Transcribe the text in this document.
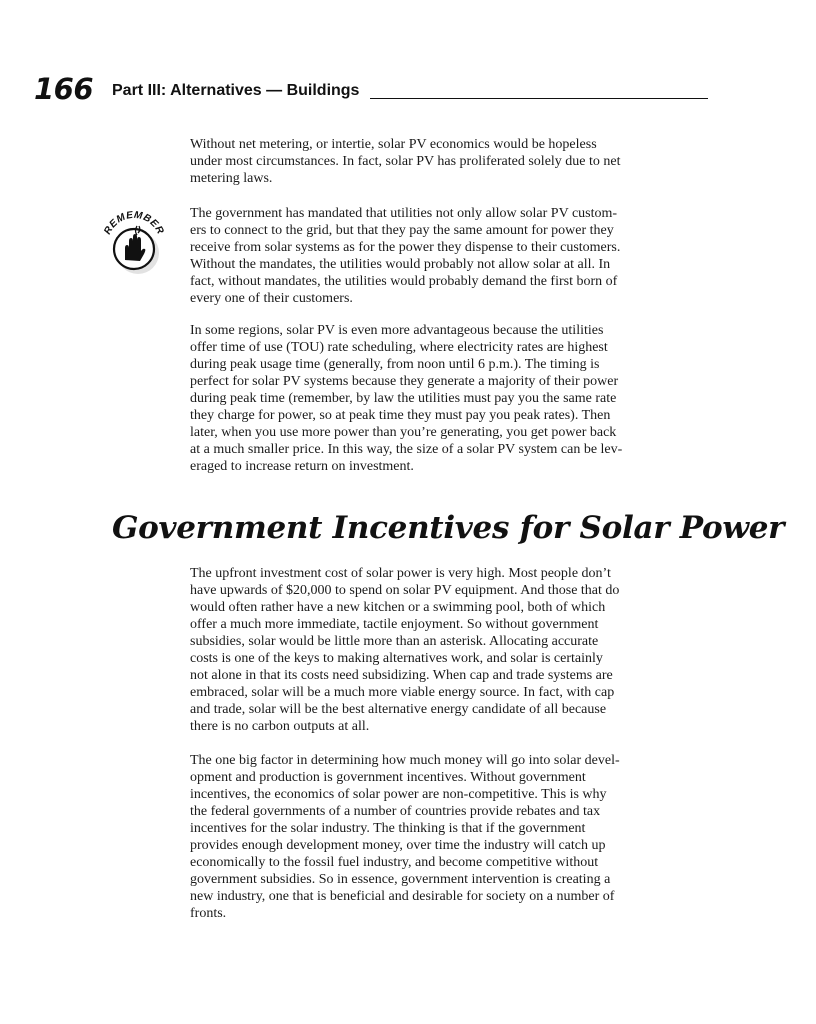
166 Part III: Alternatives — Buildings
Without net metering, or intertie, solar PV economics would be hopeless
under most circumstances. In fact, solar PV has proliferated solely due to net
metering laws.
REMEMBER
The government has mandated that utilities not only allow solar PV custom-
ers to connect to the grid, but that they pay the same amount for power they
receive from solar systems as for the power they dispense to their customers.
Without the mandates, the utilities would probably not allow solar at all. In
fact, without mandates, the utilities would probably demand the first born of
every one of their customers.
In some regions, solar PV is even more advantageous because the utilities
offer time of use (TOU) rate scheduling, where electricity rates are highest
during peak usage time (generally, from noon until 6 p.m.). The timing is
perfect for solar PV systems because they generate a majority of their power
during peak time (remember, by law the utilities must pay you the same rate
they charge for power, so at peak time they must pay you peak rates). Then
later, when you use more power than you’re generating, you get power back
at a much smaller price. In this way, the size of a solar PV system can be lev-
eraged to increase return on investment.
Government Incentives for Solar Power
The upfront investment cost of solar power is very high. Most people don’t
have upwards of $20,000 to spend on solar PV equipment. And those that do
would often rather have a new kitchen or a swimming pool, both of which
offer a much more immediate, tactile enjoyment. So without government
subsidies, solar would be little more than an asterisk. Allocating accurate
costs is one of the keys to making alternatives work, and solar is certainly
not alone in that its costs need subsidizing. When cap and trade systems are
embraced, solar will be a much more viable energy source. In fact, with cap
and trade, solar will be the best alternative energy candidate of all because
there is no carbon outputs at all.
The one big factor in determining how much money will go into solar devel-
opment and production is government incentives. Without government
incentives, the economics of solar power are non-competitive. This is why
the federal governments of a number of countries provide rebates and tax
incentives for the solar industry. The thinking is that if the government
provides enough development money, over time the industry will catch up
economically to the fossil fuel industry, and become competitive without
government subsidies. So in essence, government intervention is creating a
new industry, one that is beneficial and desirable for society on a number of
fronts.
